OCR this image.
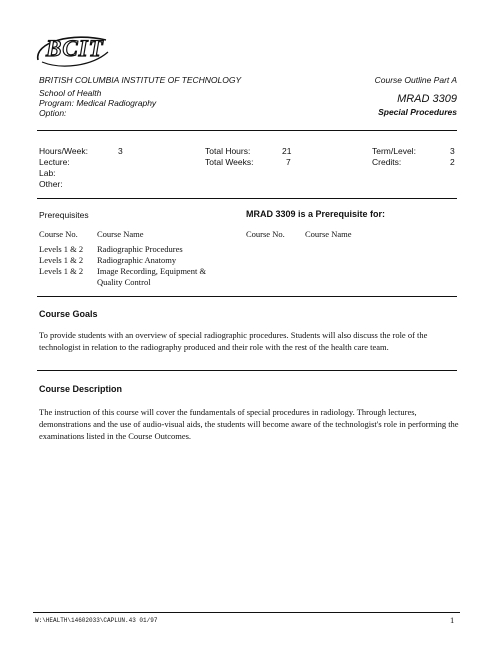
BCIT
BRITISH COLUMBIA INSTITUTE OF TECHNOLOGY
School of Health
Program: Medical Radiography
Option:
Course Outline Part A
MRAD 3309
Special Procedures
Hours/Week:	3
Lecture:
Lab:
Other:
Total Hours:	21
Total Weeks:	7
Term/Level:	3
Credits:	2
Prerequisites	MRAD 3309 is a Prerequisite for:
Course No. Course Name	Course No. Course Name
Levels 1 & 2 Radiographic Procedures
Levels 1 & 2 Radiographic Anatomy
Levels 1 & 2 Image Recording, Equipment &
Quality Control
Course Goals
To provide students with an overview of special radiographic procedures. Students will also discuss the role of the technologist in relation to the radiography produced and their role with the rest of the health care team.
Course Description
The instruction of this course will cover the fundamentals of special procedures in radiology. Through lectures, demonstrations and the use of audio-visual aids, the students will become aware of the technologist's role in performing the examinations listed in the Course Outcomes.
W:\HEALTH\14602033\CAPLUN.43 01/97	1
